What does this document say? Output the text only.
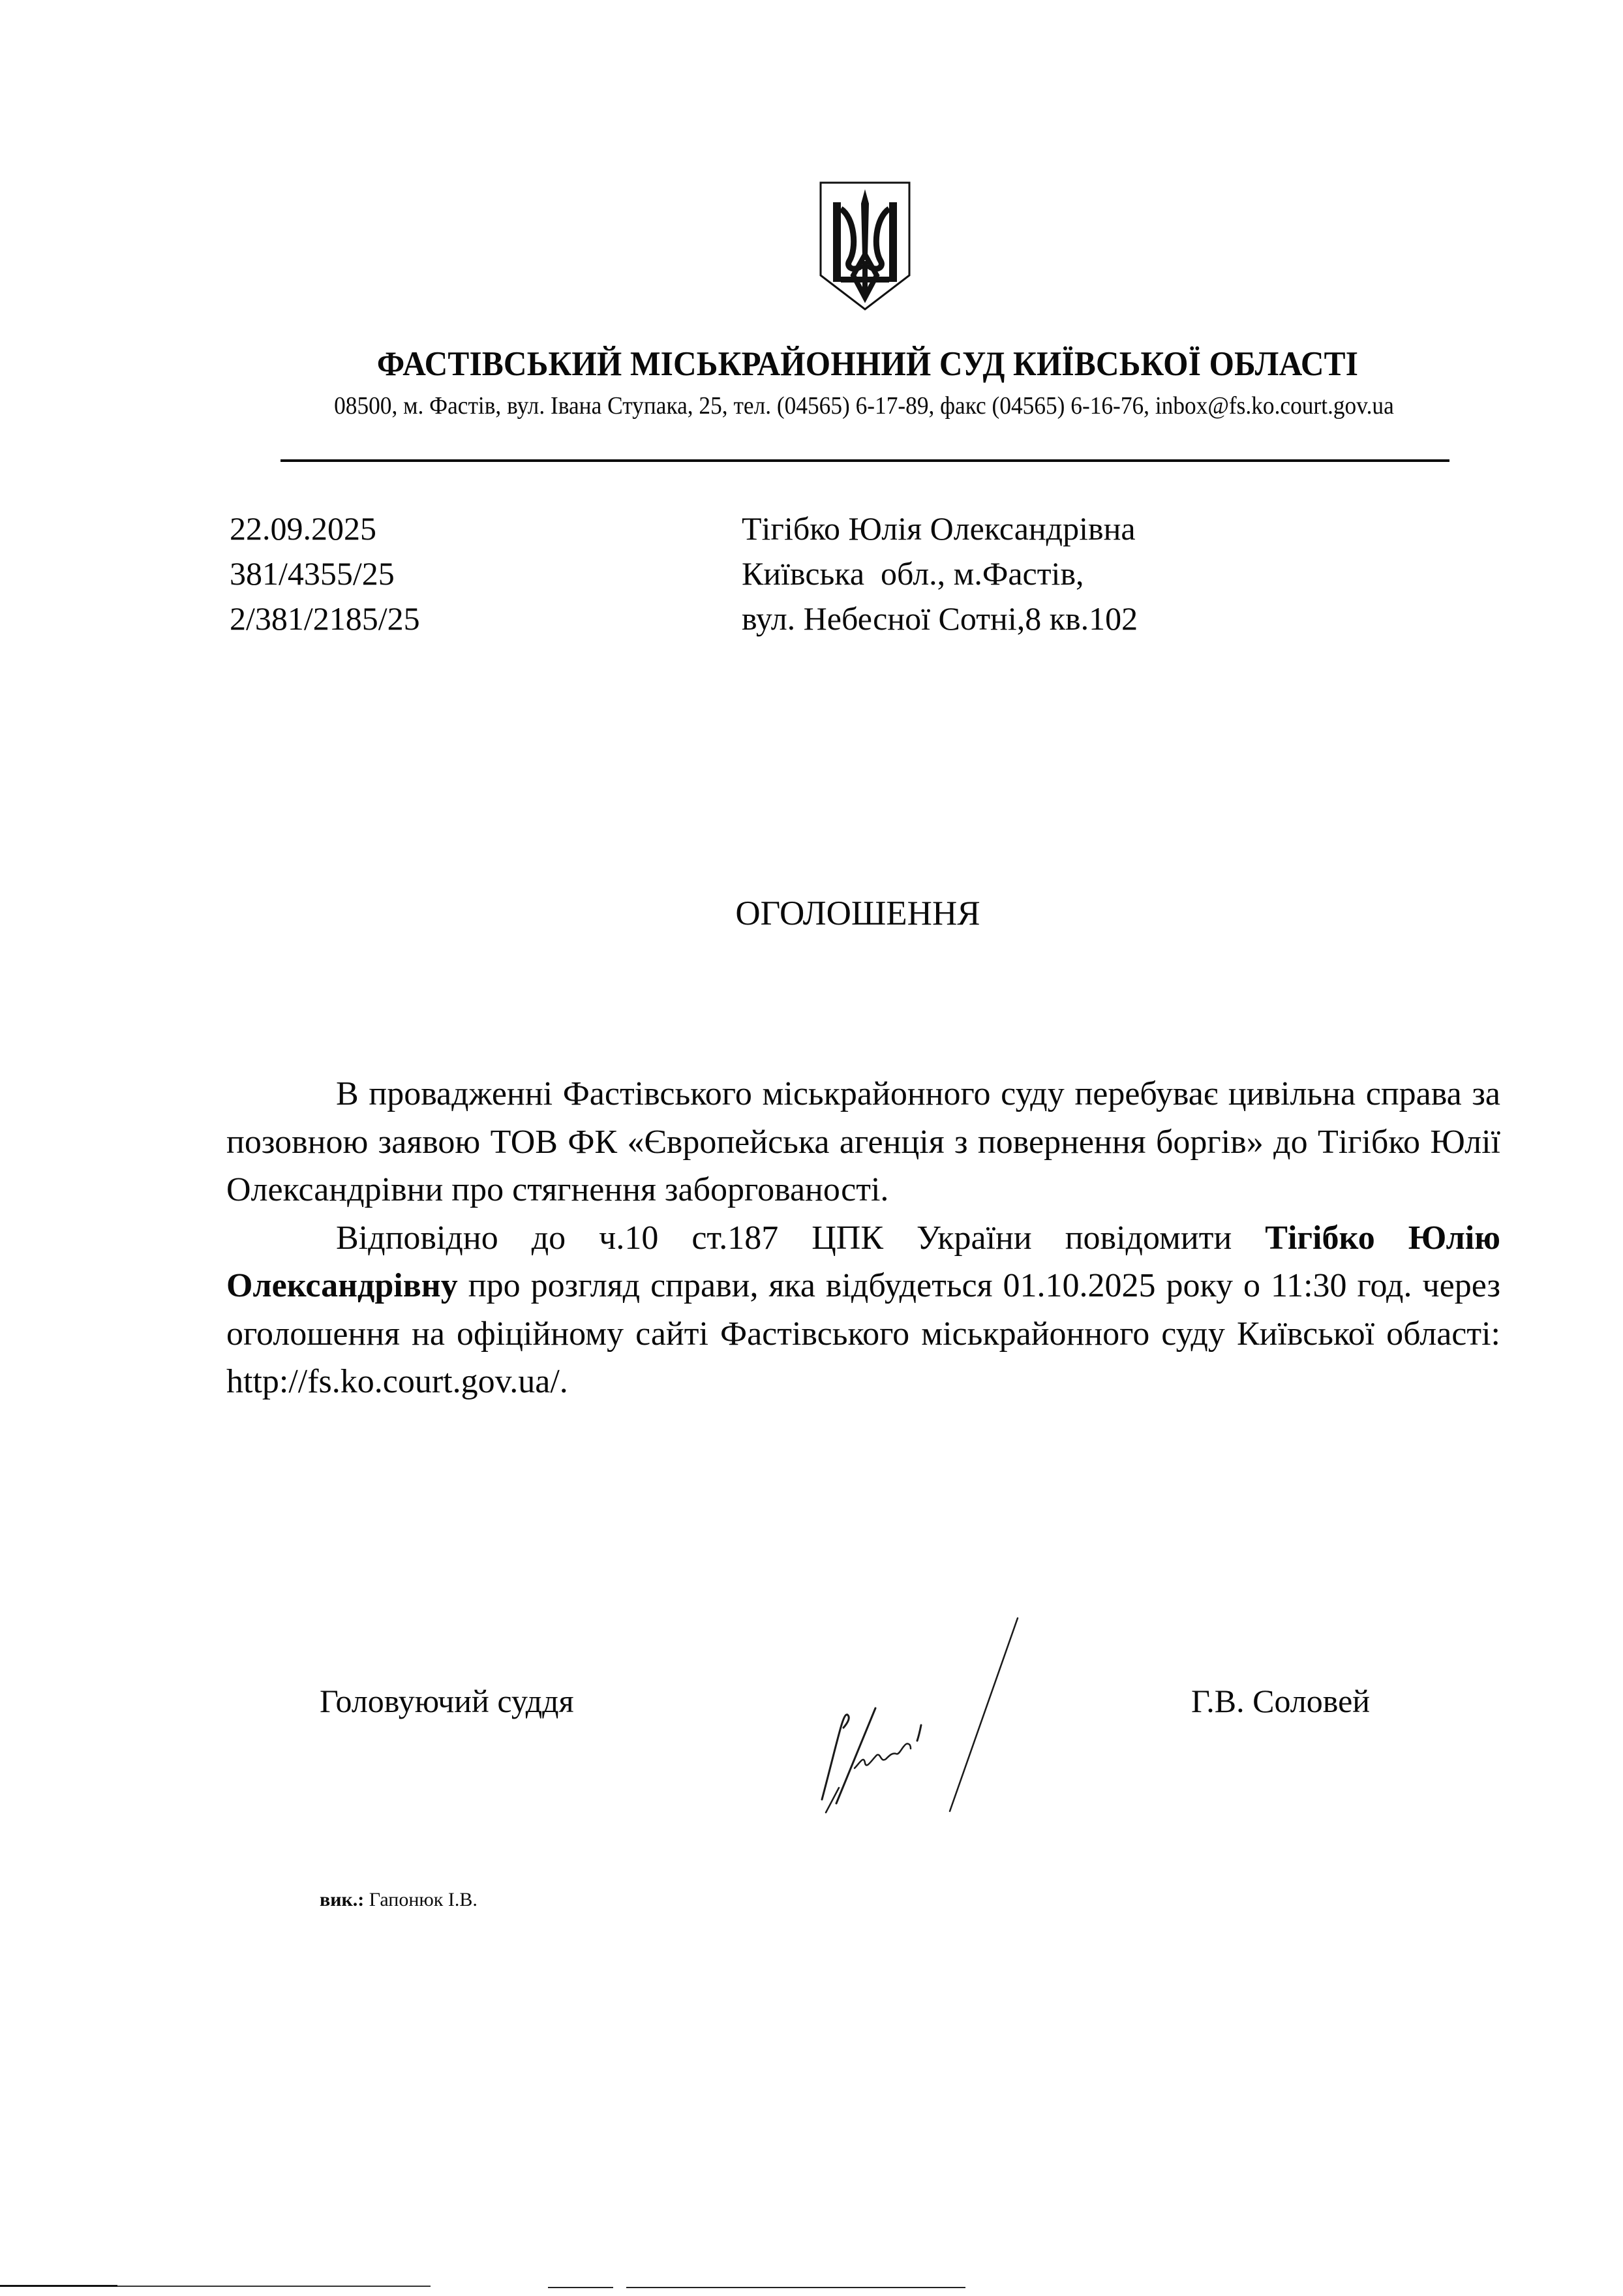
ФАСТІВСЬКИЙ МІСЬКРАЙОННИЙ СУД КИЇВСЬКОЇ ОБЛАСТІ
08500, м. Фастів, вул. Івана Ступака, 25, тел. (04565) 6-17-89, факс (04565) 6-16-76, inbox@fs.ko.court.gov.ua
22.09.2025
381/4355/25
2/381/2185/25
Тігібко Юлія Олександрівна
Київська  обл., м.Фастів,
вул. Небесної Сотні,8 кв.102
ОГОЛОШЕННЯ

В провадженні Фастівського міськрайонного суду перебуває цивільна справа за позовною заявою ТОВ ФК «Європейська агенція з повернення боргів» до Тігібко Юлії Олександрівни про стягнення заборгованості.

Відповідно до ч.10 ст.187 ЦПК України повідомити Тігібко Юлію Олександрівну про розгляд справи, яка відбудеться 01.10.2025 року о 11:30 год. через оголошення на офіційному сайті Фастівського міськрайонного суду Київської області: http://fs.ko.court.gov.ua/.

Головуючий суддя	Г.В. Соловей
вик.: Гапонюк І.В.
